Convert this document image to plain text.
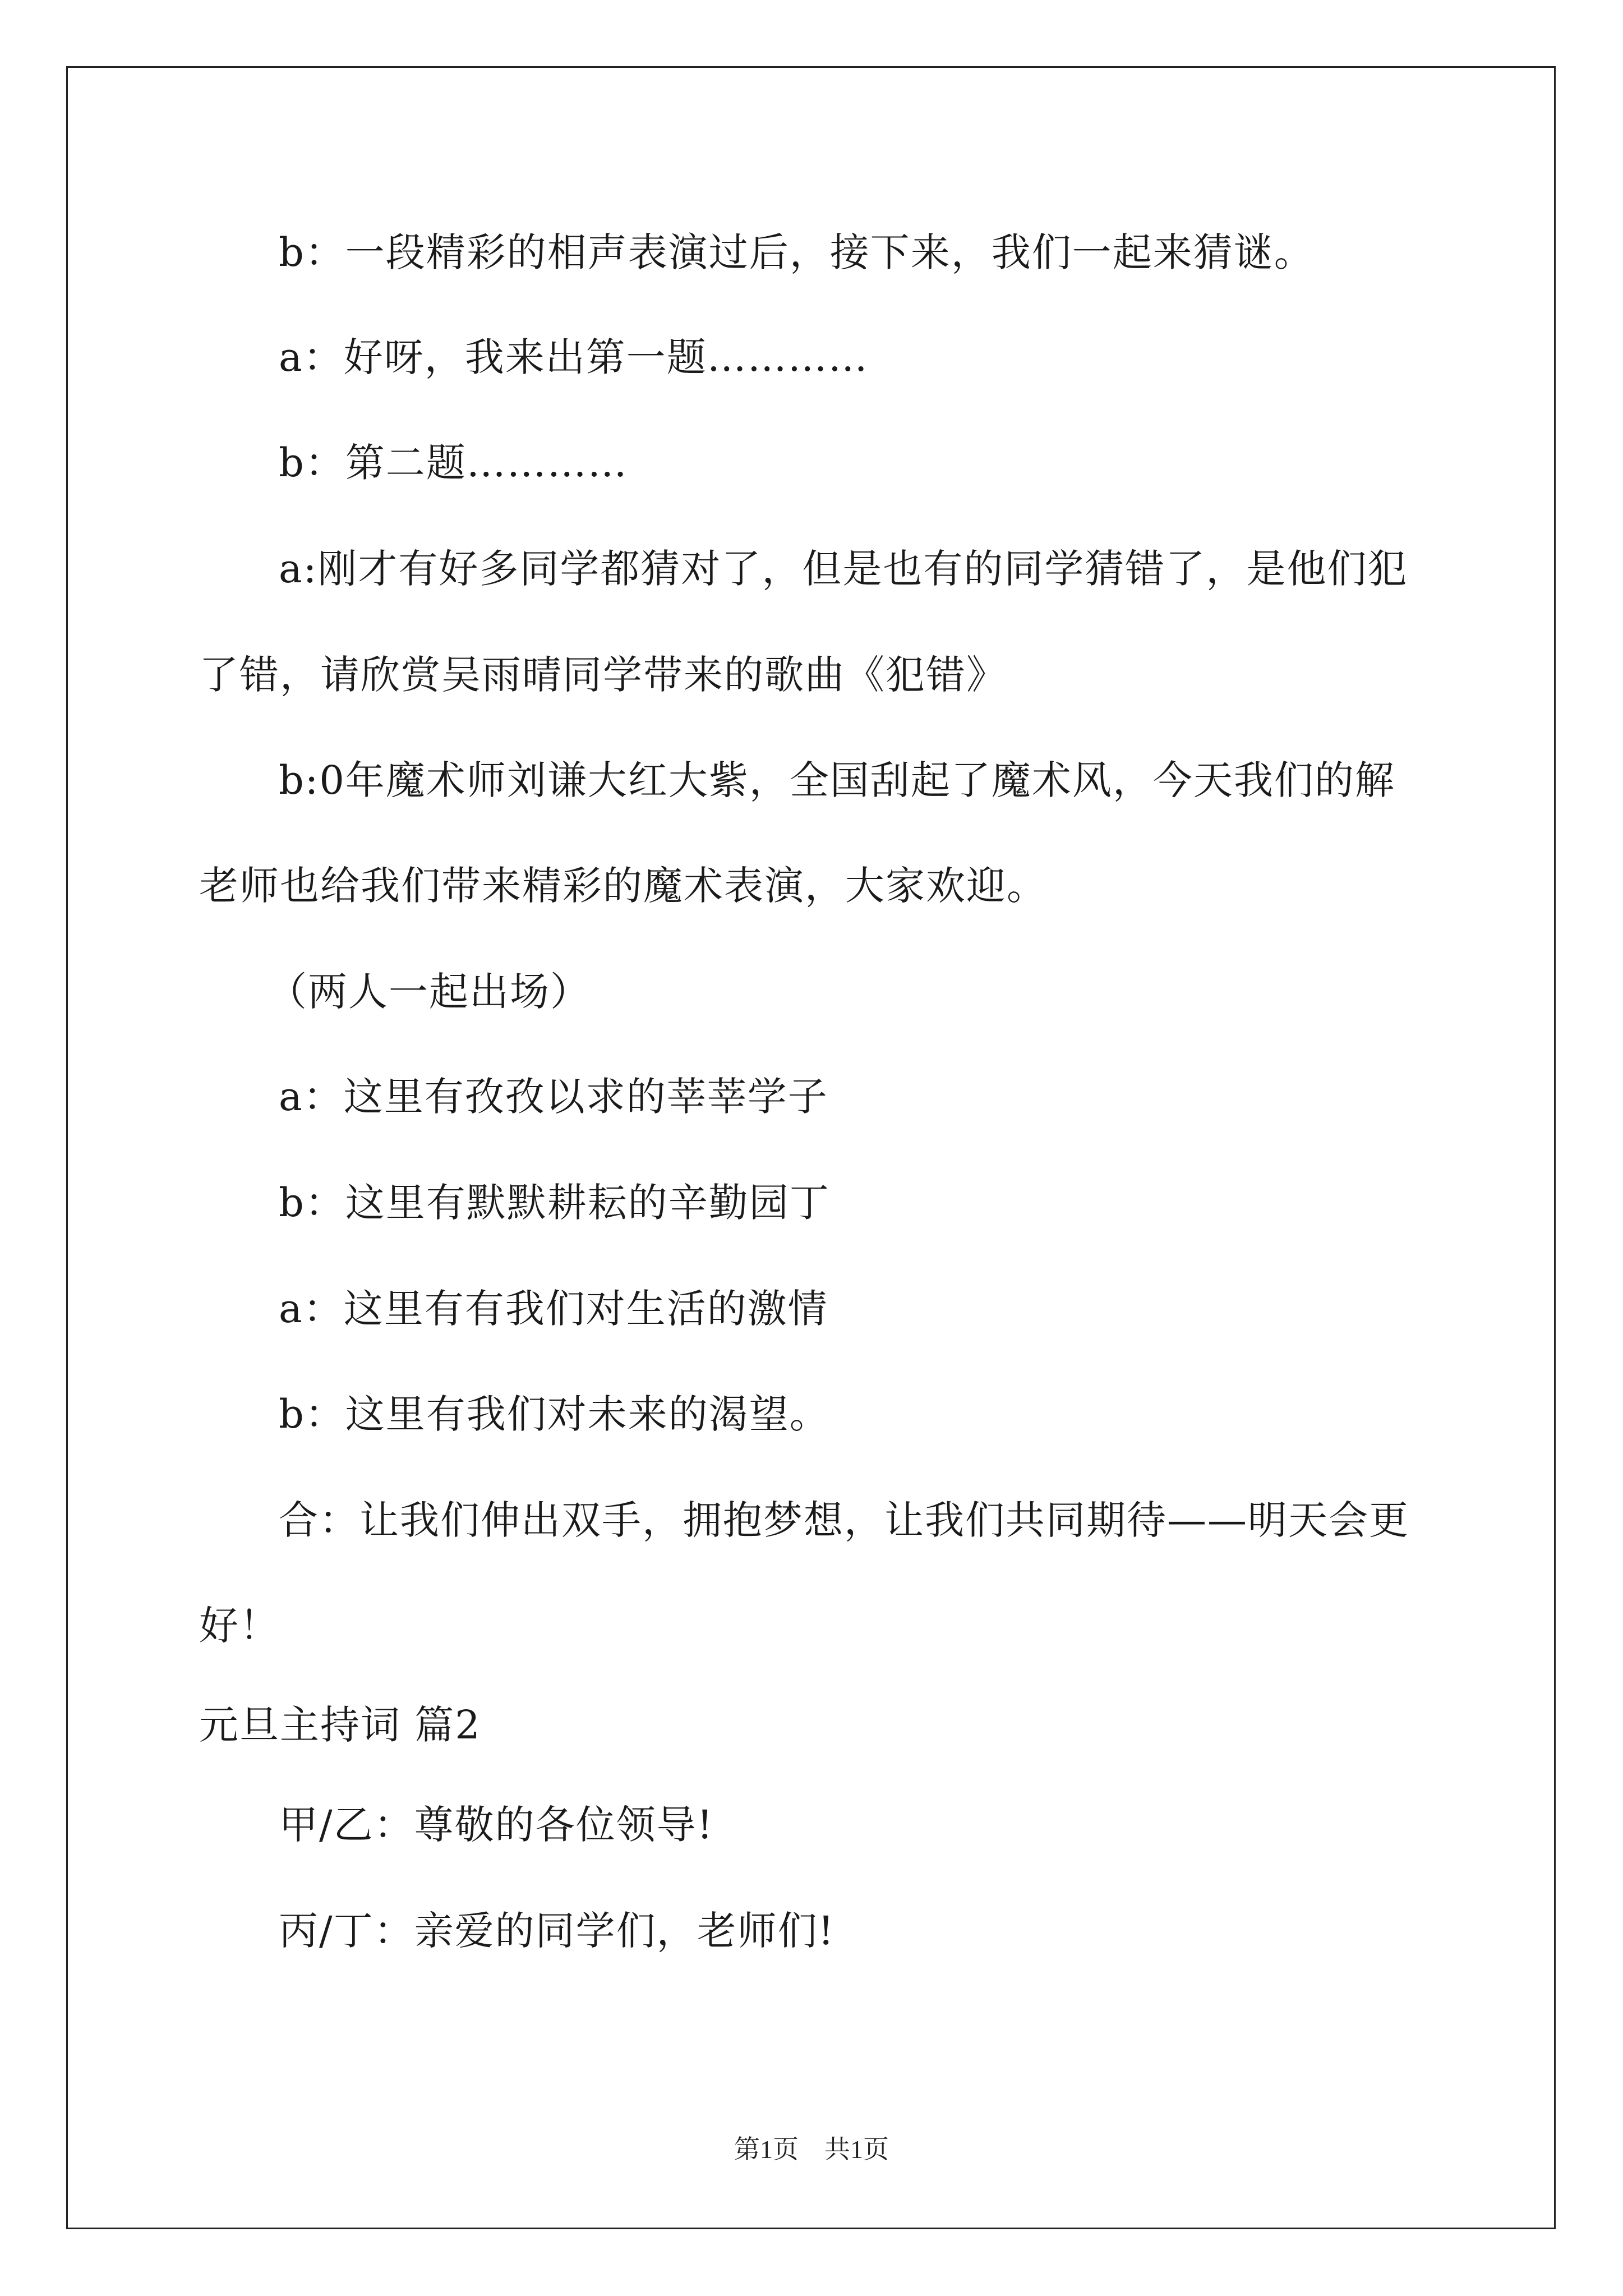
b：一段精彩的相声表演过后，接下来，我们一起来猜谜。
a：好呀，我来出第一题…………
b：第二题…………
a:刚才有好多同学都猜对了，但是也有的同学猜错了，是他们犯
了错，请欣赏吴雨晴同学带来的歌曲《犯错》
b:0年魔术师刘谦大红大紫，全国刮起了魔术风，今天我们的解
老师也给我们带来精彩的魔术表演，大家欢迎。
（两人一起出场）
a：这里有孜孜以求的莘莘学子
b：这里有默默耕耘的辛勤园丁
a：这里有有我们对生活的激情
b：这里有我们对未来的渴望。
合：让我们伸出双手，拥抱梦想，让我们共同期待——明天会更
好！
元旦主持词 篇2
甲/乙：尊敬的各位领导!
丙/丁：亲爱的同学们，老师们!
第1页　共1页
